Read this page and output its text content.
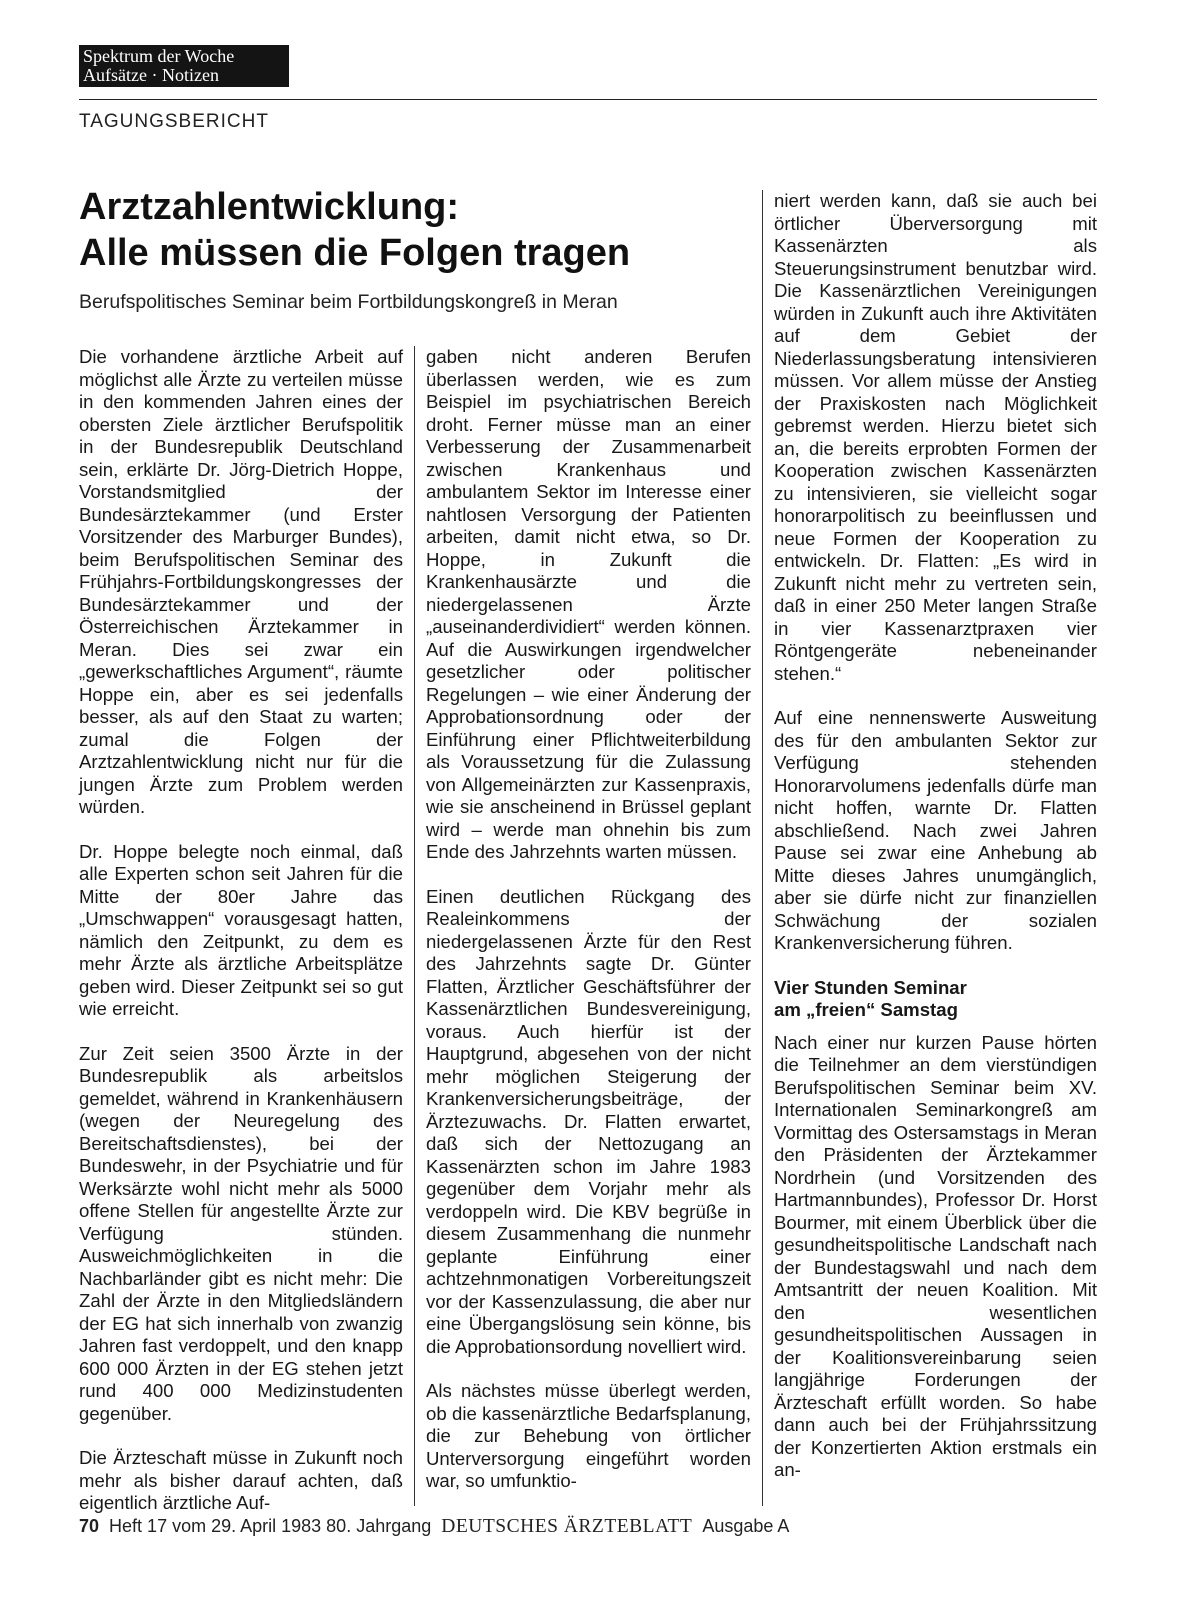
Spektrum der Woche
Aufsätze · Notizen
TAGUNGSBERICHT
Arztzahlentwicklung:
Alle müssen die Folgen tragen
Berufspolitisches Seminar beim Fortbildungskongreß in Meran

Die vorhandene ärztliche Arbeit auf möglichst alle Ärzte zu verteilen müsse in den kommenden Jahren eines der obersten Ziele ärztlicher Berufspolitik in der Bundesrepublik Deutschland sein, erklärte Dr. Jörg-Dietrich Hoppe, Vorstandsmitglied der Bundesärztekammer (und Erster Vorsitzender des Marburger Bundes), beim Berufspolitischen Seminar des Frühjahrs-Fortbildungskongresses der Bundesärztekammer und der Österreichischen Ärztekammer in Meran. Dies sei zwar ein „gewerkschaftliches Argument“, räumte Hoppe ein, aber es sei jedenfalls besser, als auf den Staat zu warten; zumal die Folgen der Arztzahlentwicklung nicht nur für die jungen Ärzte zum Problem werden würden.

Dr. Hoppe belegte noch einmal, daß alle Experten schon seit Jahren für die Mitte der 80er Jahre das „Umschwappen“ vorausgesagt hatten, nämlich den Zeitpunkt, zu dem es mehr Ärzte als ärztliche Arbeitsplätze geben wird. Dieser Zeitpunkt sei so gut wie erreicht.

Zur Zeit seien 3500 Ärzte in der Bundesrepublik als arbeitslos gemeldet, während in Krankenhäusern (wegen der Neuregelung des Bereitschaftsdienstes), bei der Bundeswehr, in der Psychiatrie und für Werksärzte wohl nicht mehr als 5000 offene Stellen für angestellte Ärzte zur Verfügung stünden. Ausweichmöglichkeiten in die Nachbarländer gibt es nicht mehr: Die Zahl der Ärzte in den Mitgliedsländern der EG hat sich innerhalb von zwanzig Jahren fast verdoppelt, und den knapp 600 000 Ärzten in der EG stehen jetzt rund 400 000 Medizinstudenten gegenüber.

Die Ärzteschaft müsse in Zukunft noch mehr als bisher darauf achten, daß eigentlich ärztliche Auf-

gaben nicht anderen Berufen überlassen werden, wie es zum Beispiel im psychiatrischen Bereich droht. Ferner müsse man an einer Verbesserung der Zusammenarbeit zwischen Krankenhaus und ambulantem Sektor im Interesse einer nahtlosen Versorgung der Patienten arbeiten, damit nicht etwa, so Dr. Hoppe, in Zukunft die Krankenhausärzte und die niedergelassenen Ärzte „auseinanderdividiert“ werden können. Auf die Auswirkungen irgendwelcher gesetzlicher oder politischer Regelungen – wie einer Änderung der Approbationsordnung oder der Einführung einer Pflichtweiterbildung als Voraussetzung für die Zulassung von Allgemeinärzten zur Kassenpraxis, wie sie anscheinend in Brüssel geplant wird – werde man ohnehin bis zum Ende des Jahrzehnts warten müssen.

Einen deutlichen Rückgang des Realeinkommens der niedergelassenen Ärzte für den Rest des Jahrzehnts sagte Dr. Günter Flatten, Ärztlicher Geschäftsführer der Kassenärztlichen Bundesvereinigung, voraus. Auch hierfür ist der Hauptgrund, abgesehen von der nicht mehr möglichen Steigerung der Krankenversicherungsbeiträge, der Ärztezuwachs. Dr. Flatten erwartet, daß sich der Nettozugang an Kassenärzten schon im Jahre 1983 gegenüber dem Vorjahr mehr als verdoppeln wird. Die KBV begrüße in diesem Zusammenhang die nunmehr geplante Einführung einer achtzehnmonatigen Vorbereitungszeit vor der Kassenzulassung, die aber nur eine Übergangslösung sein könne, bis die Approbationsordung novelliert wird.

Als nächstes müsse überlegt werden, ob die kassenärztliche Bedarfsplanung, die zur Behebung von örtlicher Unterversorgung eingeführt worden war, so umfunktio-

niert werden kann, daß sie auch bei örtlicher Überversorgung mit Kassenärzten als Steuerungsinstrument benutzbar wird. Die Kassenärztlichen Vereinigungen würden in Zukunft auch ihre Aktivitäten auf dem Gebiet der Niederlassungsberatung intensivieren müssen. Vor allem müsse der Anstieg der Praxiskosten nach Möglichkeit gebremst werden. Hierzu bietet sich an, die bereits erprobten Formen der Kooperation zwischen Kassenärzten zu intensivieren, sie vielleicht sogar honorarpolitisch zu beeinflussen und neue Formen der Kooperation zu entwickeln. Dr. Flatten: „Es wird in Zukunft nicht mehr zu vertreten sein, daß in einer 250 Meter langen Straße in vier Kassenarztpraxen vier Röntgengeräte nebeneinander stehen.“

Auf eine nennenswerte Ausweitung des für den ambulanten Sektor zur Verfügung stehenden Honorarvolumens jedenfalls dürfe man nicht hoffen, warnte Dr. Flatten abschließend. Nach zwei Jahren Pause sei zwar eine Anhebung ab Mitte dieses Jahres unumgänglich, aber sie dürfe nicht zur finanziellen Schwächung der sozialen Krankenversicherung führen.

Vier Stunden Seminar
am „freien“ Samstag

Nach einer nur kurzen Pause hörten die Teilnehmer an dem vierstündigen Berufspolitischen Seminar beim XV. Internationalen Seminarkongreß am Vormittag des Ostersamstags in Meran den Präsidenten der Ärztekammer Nordrhein (und Vorsitzenden des Hartmannbundes), Professor Dr. Horst Bourmer, mit einem Überblick über die gesundheitspolitische Landschaft nach der Bundestagswahl und nach dem Amtsantritt der neuen Koalition. Mit den wesentlichen gesundheitspolitischen Aussagen in der Koalitionsvereinbarung seien langjährige Forderungen der Ärzteschaft erfüllt worden. So habe dann auch bei der Frühjahrssitzung der Konzertierten Aktion erstmals ein an-

70 Heft 17 vom 29. April 1983 80. Jahrgang DEUTSCHES ÄRZTEBLATT Ausgabe A
